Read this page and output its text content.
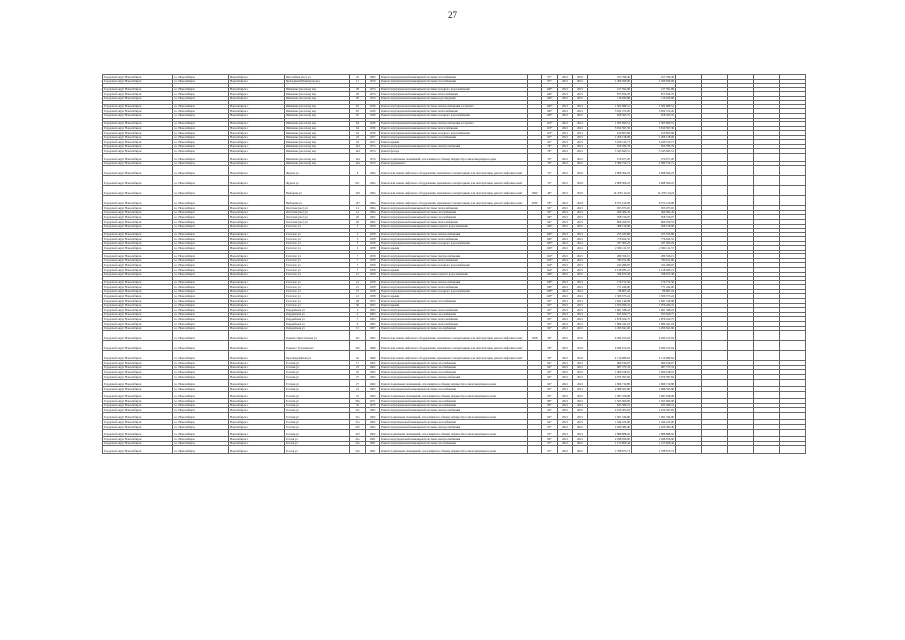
27
Городской округ Новосибирск	г.о. Новосибирск	Новосибирск г	Шоссейная (пос) ул	25	1982	Ремонт внутридомовой инженерной системы газоснабжения		97*	2021	2023	255 789,49	255 789,49					
Городской округ Новосибирск	г.о. Новосибирск	Новосибирск г	Бригадный (Новый) проезд	11	1970	Ремонт внутридомовой инженерной системы газоснабжения		81*	2021	2021	1 369 560,06	1 369 560,06					

Городской округ Новосибирск	г.о. Новосибирск	Новосибирск г	Шевченко (поселок) пер	28	1974	Ремонт внутридомовой инженерной системы холодного водоснабжения		106*	2021	2021	217 591,89	217 591,89					
Городской округ Новосибирск	г.о. Новосибирск	Новосибирск г	Шевченко (поселок) пер	28	1974	Ремонт внутридомовой инженерной системы теплоснабжения		106*	2021	2021	875 656,76	875 656,76					
Городской округ Новосибирск	г.о. Новосибирск	Новосибирск г	Шевченко (поселок) пер	28	1974	Ремонт внутридомовой инженерной системы водоотведения		106*	2021	2021	116 043,68	116 043,68					

Городской округ Новосибирск	г.о. Новосибирск	Новосибирск г	Шевченко (поселок) пер	65	1936	Ремонт внутридомовой инженерной системы электроснабжения и горячего		100*	2021	2021	1 302 689,51	1 302 689,51					
Городской округ Новосибирск	г.о. Новосибирск	Новосибирск г	Шевченко (поселок) пер	65	1936	Ремонт внутридомовой инженерной системы теплоснабжения		100*	2021	2021	3 832 372,20	3 832 372,20					
Городской округ Новосибирск	г.о. Новосибирск	Новосибирск г	Шевченко (поселок) пер	65	1936	Ремонт внутридомовой инженерной системы холодного водоснабжения		100*	2021	2021	658 565,55	658 565,55					

Городской округ Новосибирск	г.о. Новосибирск	Новосибирск г	Шевченко (поселок) пер	64	1936	Ремонт внутридомовой инженерной системы электроснабжения и горячего		103*	2021	2021	1 305 693,51	1 305 693,51					
Городской округ Новосибирск	г.о. Новосибирск	Новосибирск г	Шевченко (поселок) пер	64	1936	Ремонт внутридомовой инженерной системы теплоснабжения		103*	2021	2021	3 819 397,36	3 819 397,36					
Городской округ Новосибирск	г.о. Новосибирск	Новосибирск г	Шевченко (поселок) пер	64	1936	Ремонт внутридомовой инженерной системы холодного водоснабжения		103*	2021	2021	610 863,89	610 863,89					
Городской округ Новосибирск	г.о. Новосибирск	Новосибирск г	Шевченко (поселок) пер	43	1957	Ремонт внутридомовой инженерной системы газоснабжения		95*	2021	2021	1 206 158,09	1 206 158,09					
Городской округ Новосибирск	г.о. Новосибирск	Новосибирск г	Шевченко (поселок) пер	43	1957	Ремонт крыши		95*	2021	2021	3 436 513,71	3 436 513,71					
Городской округ Новосибирск	г.о. Новосибирск	Новосибирск г	Шевченко (поселок) пер	144	1974	Ремонт внутридомовой инженерной системы электроснабжения		76*	2021	2021	650 785,79	650 785,79					
Городской округ Новосибирск	г.о. Новосибирск	Новосибирск г	Шевченко (поселок) пер	144	1974	Ремонт фасада		76*	2021	2021	5 345 843,51	5 345 843,51					
Городской округ Новосибирск	г.о. Новосибирск	Новосибирск г	Шевченко (поселок) пер	144	1974	Ремонт подвальных помещений, относящихся к общему имуществу в многоквартирном доме		76*	2021	2021	276 677,20	276 677,20					
Городской округ Новосибирск	г.о. Новосибирск	Новосибирск г	Шевченко (поселок) пер	144	1974	Ремонт фундамента		76*	2021	2021	2 380 754,71	2 380 754,71					
Городской округ Новосибирск	г.о. Новосибирск	Новосибирск г	Фрунзе ул	6	1994	Ремонт или замена лифтового оборудования, признанного непригодным для эксплуатации, ремонт лифтовых шахт		74*	2021	2023	2 868 306,23	2 868 306,23					
Городской округ Новосибирск	г.о. Новосибирск	Новосибирск г	Фрунзе ул	611	1994	Ремонт или замена лифтового оборудования, признанного непригодным для эксплуатации, ремонт лифтовых шахт		74*	2021	2023	2 868 306,23	2 868 306,23					
Городской округ Новосибирск	г.о. Новосибирск	Новосибирск г	Выборная ул	129	1994	Ремонт или замена лифтового оборудования, признанного непригодным для эксплуатации, ремонт лифтовых шахт	1990	48*	2021	2023	14 478 110,24	14 478 110,24					
Городской округ Новосибирск	г.о. Новосибирск	Новосибирск г	Выборная ул	127	1994	Ремонт или замена лифтового оборудования, признанного непригодным для эксплуатации, ремонт лифтовых шахт	2036	58*	2021	2023	8 373 219,08	8 373 219,08					
Городской округ Новосибирск	г.о. Новосибирск	Новосибирск г	Охотская (пос) ул	14	1964	Ремонт внутридомовой инженерной системы теплоснабжения		94*	2021	2021	953 975,65	953 975,65					
Городской округ Новосибирск	г.о. Новосибирск	Новосибирск г	Охотская (пос) ул	14	1964	Ремонт внутридомовой инженерной системы газоснабжения		94*	2021	2021	469 382,45	469 382,45					
Городской округ Новосибирск	г.о. Новосибирск	Новосибирск г	Охотская (пос) ул	26	1962	Ремонт внутридомовой инженерной системы газоснабжения		96*	2021	2021	958 720,97	958 720,97					
Городской округ Новосибирск	г.о. Новосибирск	Новосибирск г	Охотская (пос) ул	26	1962	Ремонт внутридомовой инженерной системы теплоснабжения		96*	2021	2021	869 459,55	869 459,55					
Городской округ Новосибирск	г.о. Новосибирск	Новосибирск г	Гастелло ул	5	1958	Ремонт внутридомовой инженерной системы горячего водоснабжения		106*	2021	2021	368 159,06	368 159,06					

Городской округ Новосибирск	г.о. Новосибирск	Новосибирск г	Гастелло ул	5	1958	Ремонт внутридомовой инженерной системы электроснабжения		106*	2021	2021	255 183,86	255 183,86					
Городской округ Новосибирск	г.о. Новосибирск	Новосибирск г	Гастелло ул	5	1958	Ремонт внутридомовой инженерной системы теплоснабжения		106*	2021	2021	776 622,52	776 622,52					
Городской округ Новосибирск	г.о. Новосибирск	Новосибирск г	Гастелло ул	5	1958	Ремонт внутридомовой инженерной системы холодного водоснабжения		106*	2021	2021	187 303,25	187 303,25					
Городской округ Новосибирск	г.о. Новосибирск	Новосибирск г	Гастелло ул	5	1958	Ремонт крыши		106*	2021	2021	2 306 111,57	2 306 111,57					

Городской округ Новосибирск	г.о. Новосибирск	Новосибирск г	Гастелло ул	7	1958	Ремонт внутридомовой инженерной системы электроснабжения		104*	2021	2021	289 356,15	289 356,15					
Городской округ Новосибирск	г.о. Новосибирск	Новосибирск г	Гастелло ул	7	1958	Ремонт внутридомовой инженерной системы теплоснабжения		104*	2021	2021	780 011,80	780 011,80					
Городской округ Новосибирск	г.о. Новосибирск	Новосибирск г	Гастелло ул	7	1958	Ремонт внутридомовой инженерной системы холодного водоснабжения		104*	2021	2021	192 286,87	192 286,87					
Городской округ Новосибирск	г.о. Новосибирск	Новосибирск г	Гастелло ул	7	1958	Ремонт крыши		104*	2021	2021	2 128 285,21	2 128 285,21					
Городской округ Новосибирск	г.о. Новосибирск	Новосибирск г	Гастелло ул	21	1958	Ремонт внутридомовой инженерной системы горячего водоснабжения		108*	2021	2021	328 073,36	328 073,36					

Городской округ Новосибирск	г.о. Новосибирск	Новосибирск г	Гастелло ул	21	1958	Ремонт внутридомовой инженерной системы электроснабжения		108*	2021	2021	176 772,56	176 772,56					
Городской округ Новосибирск	г.о. Новосибирск	Новосибирск г	Гастелло ул	21	1958	Ремонт внутридомовой инженерной системы теплоснабжения		108*	2021	2021	771 434,00	771 434,00					
Городской округ Новосибирск	г.о. Новосибирск	Новосибирск г	Гастелло ул	21	1958	Ремонт внутридомовой инженерной системы холодного водоснабжения		108*	2021	2021	89 807,24	89 807,24					
Городской округ Новосибирск	г.о. Новосибирск	Новосибирск г	Гастелло ул	21	1958	Ремонт крыши		108*	2021	2021	1 306 575,24	1 306 575,24					
Городской округ Новосибирск	г.о. Новосибирск	Новосибирск г	Гастелло ул	48	1955	Ремонт внутридомовой инженерной системы газоснабжения		93*	2021	2021	1 841 149,08	1 841 149,08					
Городской округ Новосибирск	г.о. Новосибирск	Новосибирск г	Гастелло ул	30	1955	Ремонт крыши		93*	2021	2021	1 976 260,41	1 976 260,41					
Городской округ Новосибирск	г.о. Новосибирск	Новосибирск г	Гвардейская ул	5	1963	Ремонт внутридомовой инженерной системы теплоснабжения		95*	2021	2021	1 861 348,24	1 861 348,24					
Городской округ Новосибирск	г.о. Новосибирск	Новосибирск г	Гвардейская ул	5	1963	Ремонт внутридомовой инженерной системы газоснабжения		95*	2021	2021	815 620,77	815 620,77					
Городской округ Новосибирск	г.о. Новосибирск	Новосибирск г	Гвардейская ул	7	1963	Ремонт внутридомовой инженерной системы теплоснабжения		95*	2021	2021	1 878 450,75	1 878 450,75					
Городской округ Новосибирск	г.о. Новосибирск	Новосибирск г	Гвардейская ул	9	1963	Ремонт внутридомовой инженерной системы теплоснабжения		95*	2021	2021	1 889 341,03	1 889 341,03					
Городской округ Новосибирск	г.о. Новосибирск	Новосибирск г	Гвардейская ул	15	1967	Ремонт внутридомовой инженерной системы газоснабжения		94*	2021	2021	1 200 941,66	1 200 941,66					
Городской округ Новосибирск	г.о. Новосибирск	Новосибирск г	Горького/Крестовская ул	121	1992	Ремонт или замена лифтового оборудования, признанного непригодным для эксплуатации, ремонт лифтовых шахт	7958	58*	2021	2023	6 284 013,04	6 284 013,04					
Городской округ Новосибирск	г.о. Новосибирск	Новосибирск г	Горького Тухачевского	32а	1998	Ремонт или замена лифтового оборудования, признанного непригодным для эксплуатации, ремонт лифтовых шахт		58*	2021	2023	6 284 013,04	6 284 013,04					
Городской округ Новосибирск	г.о. Новосибирск	Новосибирск г	Красноармейская ул	42	1996	Ремонт или замена лифтового оборудования, признанного непригодным для эксплуатации, ремонт лифтовых шахт		58*	2021	2023	4 716 089,64	4 716 089,64					
Городской округ Новосибирск	г.о. Новосибирск	Новосибирск г	Готская ул	17	1962	Ремонт внутридомовой инженерной системы газоснабжения		94*	2021	2021	960 199,07	960 199,07					
Городской округ Новосибирск	г.о. Новосибирск	Новосибирск г	Готская ул	23	1962	Ремонт внутридомовой инженерной системы газоснабжения		94*	2021	2021	987 573,33	987 573,33					
Городской округ Новосибирск	г.о. Новосибирск	Новосибирск г	Готская ул	25	1962	Ремонт внутридомовой инженерной системы газоснабжения		94*	2021	2021	1 009 228,10	1 009 228,10					
Городской округ Новосибирск	г.о. Новосибирск	Новосибирск г	Готская ул	27	1962	Ремонт внутридомовой инженерной системы электроснабжения		94*	2021	2021	2 979 397,84	2 979 397,84					
Городской округ Новосибирск	г.о. Новосибирск	Новосибирск г	Готская ул	27	1962	Ремонт подвальных помещений, относящихся к общему имуществу в многоквартирном доме		94*	2021	2021	1 896 710,80	1 896 710,80					
Городской округ Новосибирск	г.о. Новосибирск	Новосибирск г	Готская ул	41	1963	Ремонт внутридомовой инженерной системы газоснабжения		93*	2021	2021	2 988 563,80	2 988 563,80					
Городской округ Новосибирск	г.о. Новосибирск	Новосибирск г	Готская ул	41	1963	Ремонт подвальных помещений, относящихся к общему имуществу в многоквартирном доме		93*	2021	2021	1 987 458,98	1 987 458,98					
Городской округ Новосибирск	г.о. Новосибирск	Новосибирск г	Готская ул	33в	1971	Ремонт внутридомовой инженерной системы газоснабжения		80*	2021	2021	1 563 060,00	1 563 060,00					
Городской округ Новосибирск	г.о. Новосибирск	Новосибирск г	Готская ул	35	1970	Ремонт внутридомовой инженерной системы газоснабжения		83*	2021	2021	835 580,53	835 580,53					
Городской округ Новосибирск	г.о. Новосибирск	Новосибирск г	Готская ул	31а	1962	Ремонт внутридомовой инженерной системы электроснабжения		94*	2021	2021	2 919 305,83	2 919 305,83					
Городской округ Новосибирск	г.о. Новосибирск	Новосибирск г	Готская ул	31а	1962	Ремонт подвальных помещений, относящихся к общему имуществу в многоквартирном доме		94*	2021	2021	1 991 334,80	1 991 334,80					
Городской округ Новосибирск	г.о. Новосибирск	Новосибирск г	Готская ул	31а	1962	Ремонт внутридомовой инженерной системы газоснабжения		94*	2021	2021	1 344 225,00	1 344 225,00					
Городской округ Новосибирск	г.о. Новосибирск	Новосибирск г	Готская ул	41б	1962	Ремонт внутридомовой инженерной системы электроснабжения		95*	2021	2021	2 939 389,40	2 939 389,40					
Городской округ Новосибирск	г.о. Новосибирск	Новосибирск г	Готская ул	41б	1962	Ремонт подвальных помещений, относящихся к общему имуществу в многоквартирном доме		95*	2021	2021	1 888 888,92	1 888 888,92					
Городской округ Новосибирск	г.о. Новосибирск	Новосибирск г	Гоголя ул	41а	1961	Ремонт внутридомовой инженерной системы электроснабжения		96*	2021	2021	2 948 956,90	2 948 956,90					
Городской округ Новосибирск	г.о. Новосибирск	Новосибирск г	Гоголя ул	45а	1961	Ремонт внутридомовой инженерной системы газоснабжения		97*	2021	2021	1 213 900,44	1 213 900,44					
Городской округ Новосибирск	г.о. Новосибирск	Новосибирск г	Гоголя ул	45а	1961	Ремонт подвальных помещений, относящихся к общему имуществу в многоквартирном доме		97*	2021	2021	1 788 675,73	1 788 675,73					
